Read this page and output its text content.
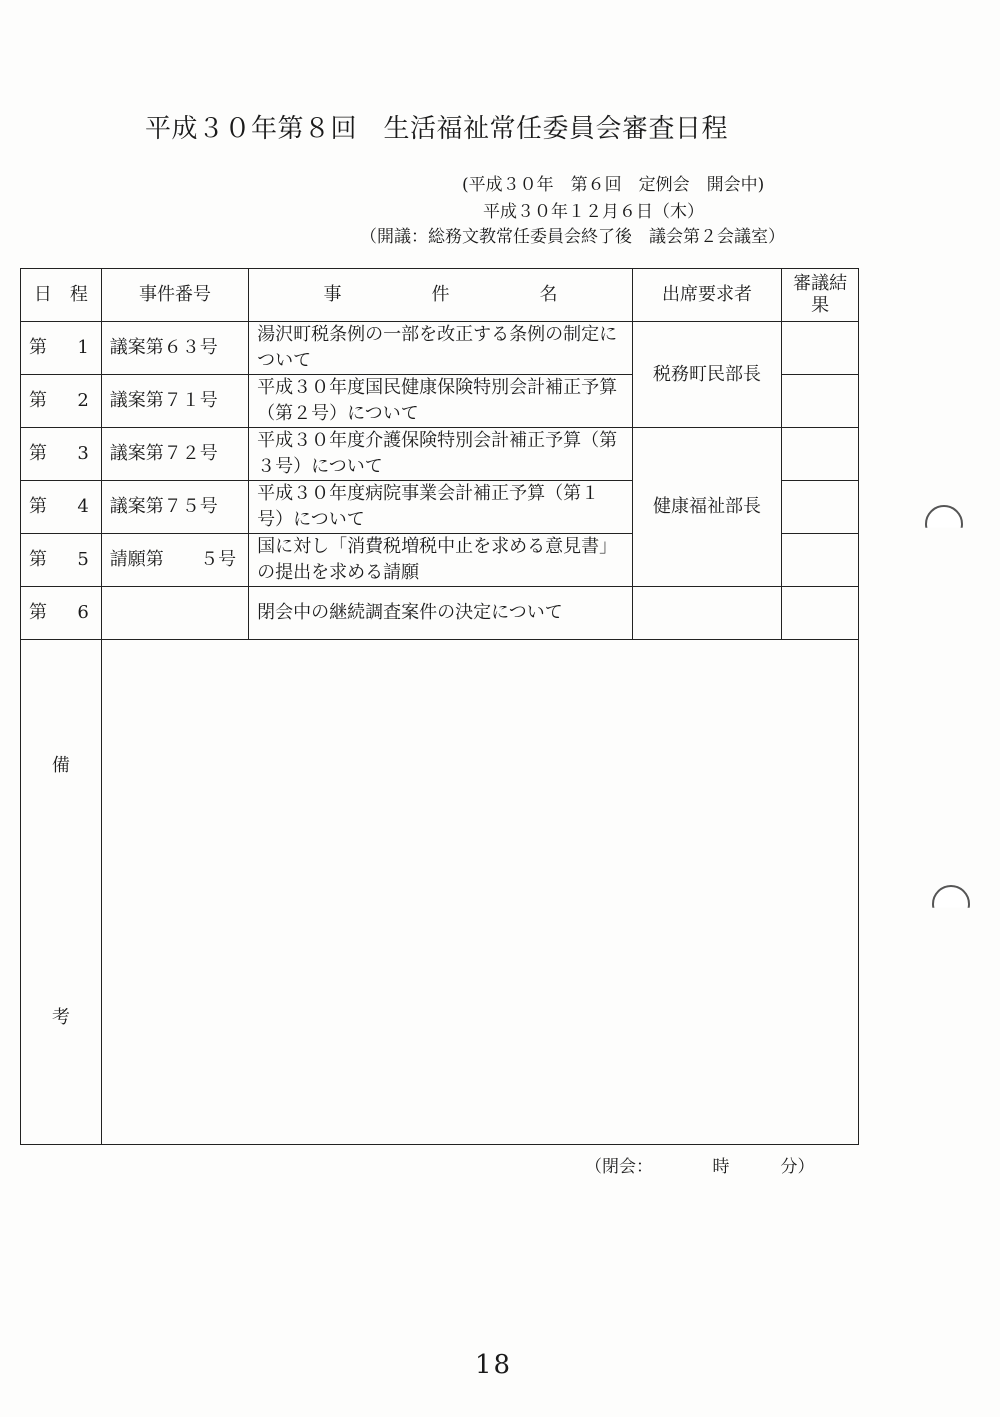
平成３０年第８回　生活福祉常任委員会審査日程
(平成３０年　第６回　定例会　開会中)
平成３０年１２月６日（木）
（開議：総務文教常任委員会終了後　議会第２会議室）
日　程	事件番号	事　　　　　件　　　　　名	出席要求者	審議結果

第 1	議案第６３号	湯沢町税条例の一部を改正する条例の制定について	税務町民部長	

第 2	議案第７１号	平成３０年度国民健康保険特別会計補正予算（第２号）について		

第 3	議案第７２号	平成３０年度介護保険特別会計補正予算（第３号）について	健康福祉部長	

第 4	議案第７５号	平成３０年度病院事業会計補正予算（第１号）について		

第 5	請願第 ５号	国に対し「消費税増税中止を求める意見書」の提出を求める請願		

第 6		閉会中の継続調査案件の決定について		

備
考				

（閉会：　　　　時　　　分）
18
